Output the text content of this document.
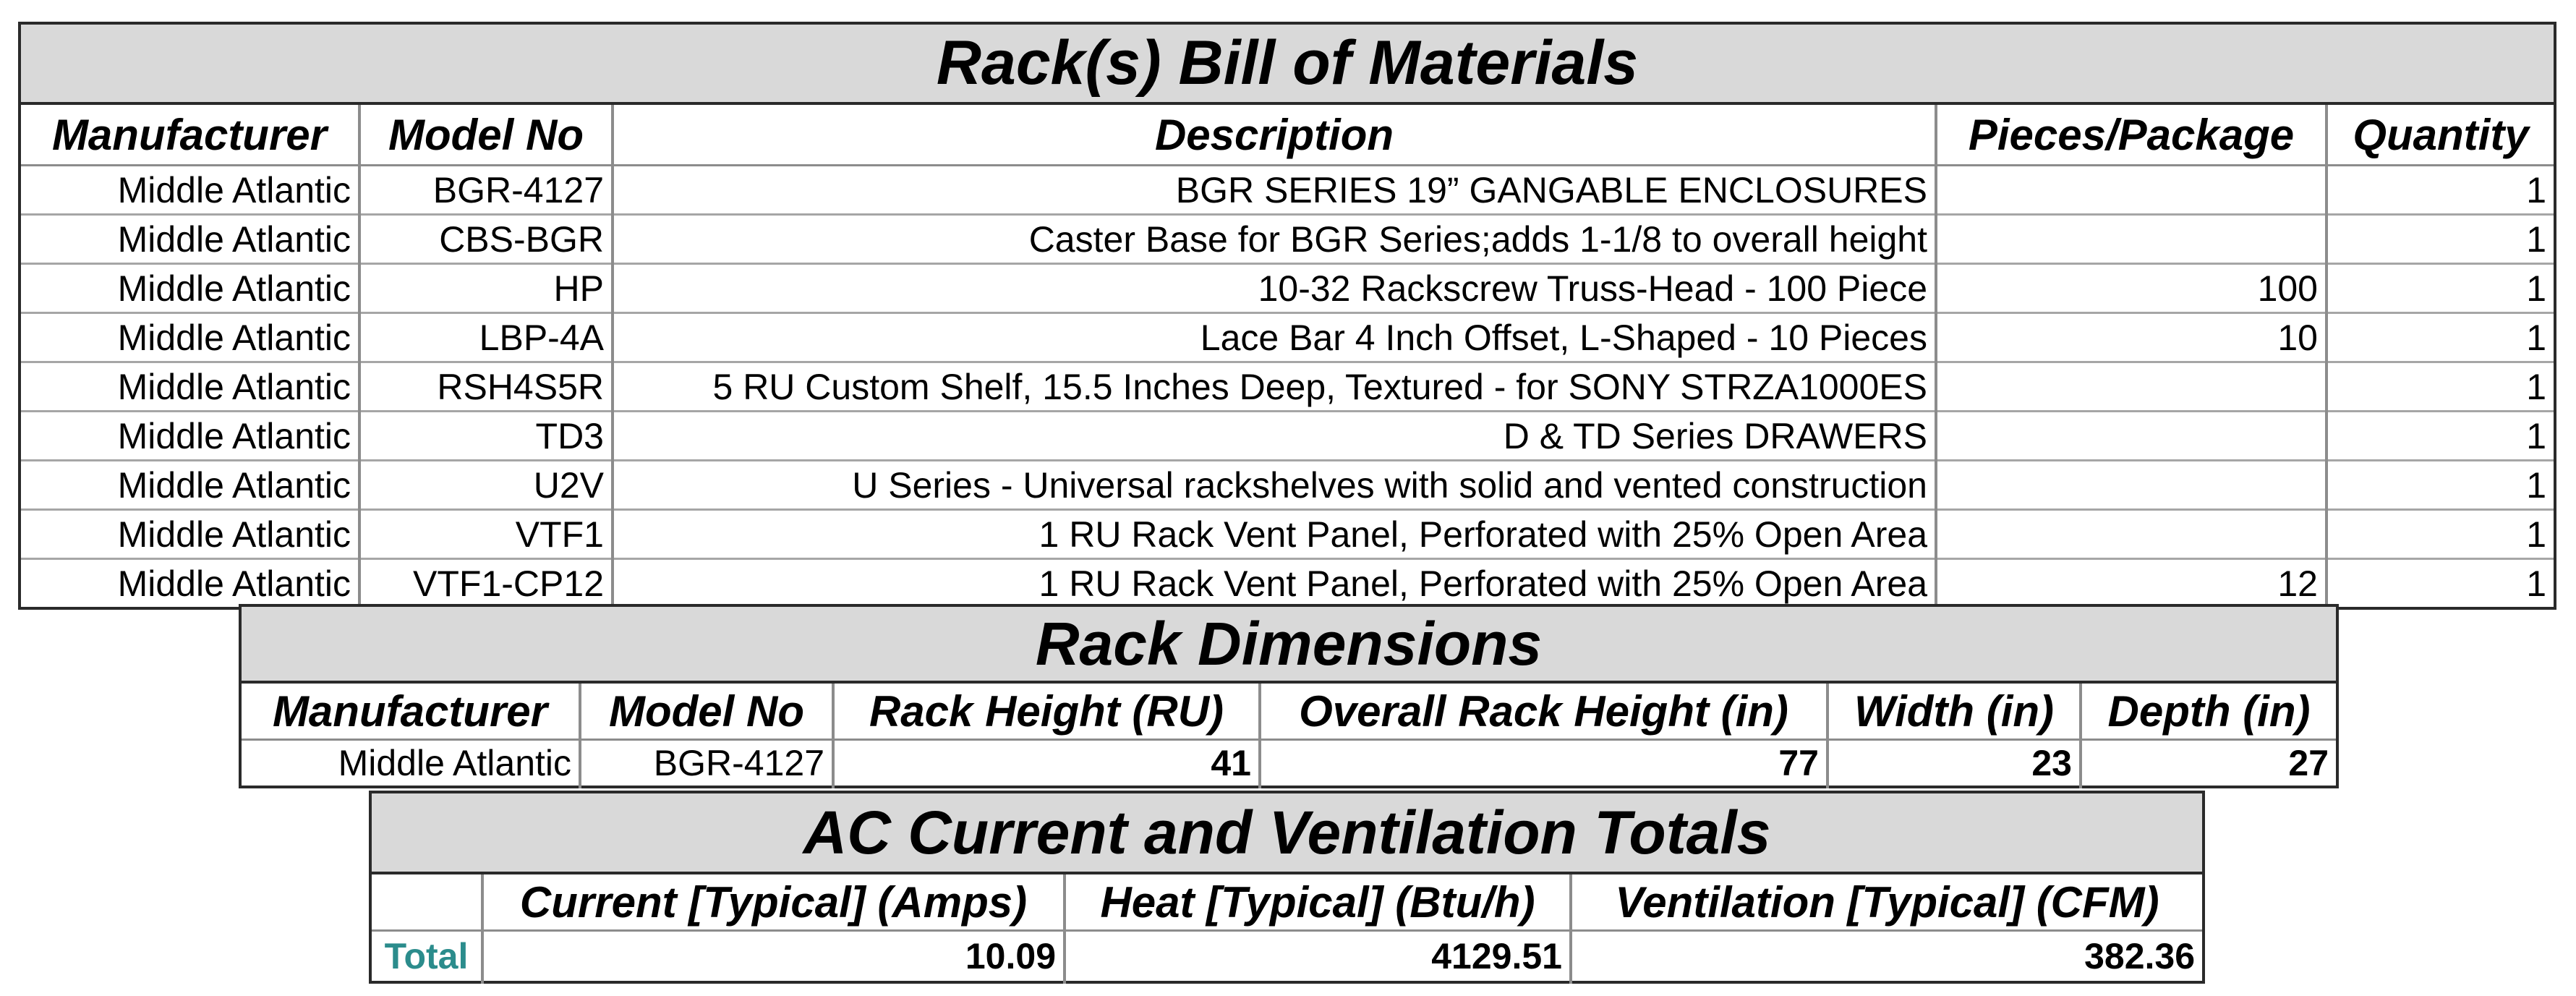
Rack(s) Bill of Materials				
Manufacturer	Model No	Description	Pieces/Package	Quantity
Middle Atlantic	BGR-4127	BGR SERIES 19” GANGABLE ENCLOSURES		1
Middle Atlantic	CBS-BGR	Caster Base for BGR Series;adds 1-1/8 to overall height		1
Middle Atlantic	HP	10-32 Rackscrew Truss-Head - 100 Piece	100	1
Middle Atlantic	LBP-4A	Lace Bar 4 Inch Offset, L-Shaped - 10 Pieces	10	1
Middle Atlantic	RSH4S5R	5 RU Custom Shelf, 15.5 Inches Deep, Textured - for SONY STRZA1000ES		1
Middle Atlantic	TD3	D & TD Series DRAWERS		1
Middle Atlantic	U2V	U Series - Universal rackshelves with solid and vented construction		1
Middle Atlantic	VTF1	1 RU Rack Vent Panel, Perforated with 25% Open Area		1
Middle Atlantic	VTF1-CP12	1 RU Rack Vent Panel, Perforated with 25% Open Area	12	1
Rack Dimensions					
Manufacturer	Model No	Rack Height (RU)	Overall Rack Height (in)	Width (in)	Depth (in)
Middle Atlantic	BGR-4127	41	77	23	27
AC Current and Ventilation Totals			
	Current [Typical] (Amps)	Heat [Typical] (Btu/h)	Ventilation [Typical] (CFM)
Total	10.09	4129.51	382.36
